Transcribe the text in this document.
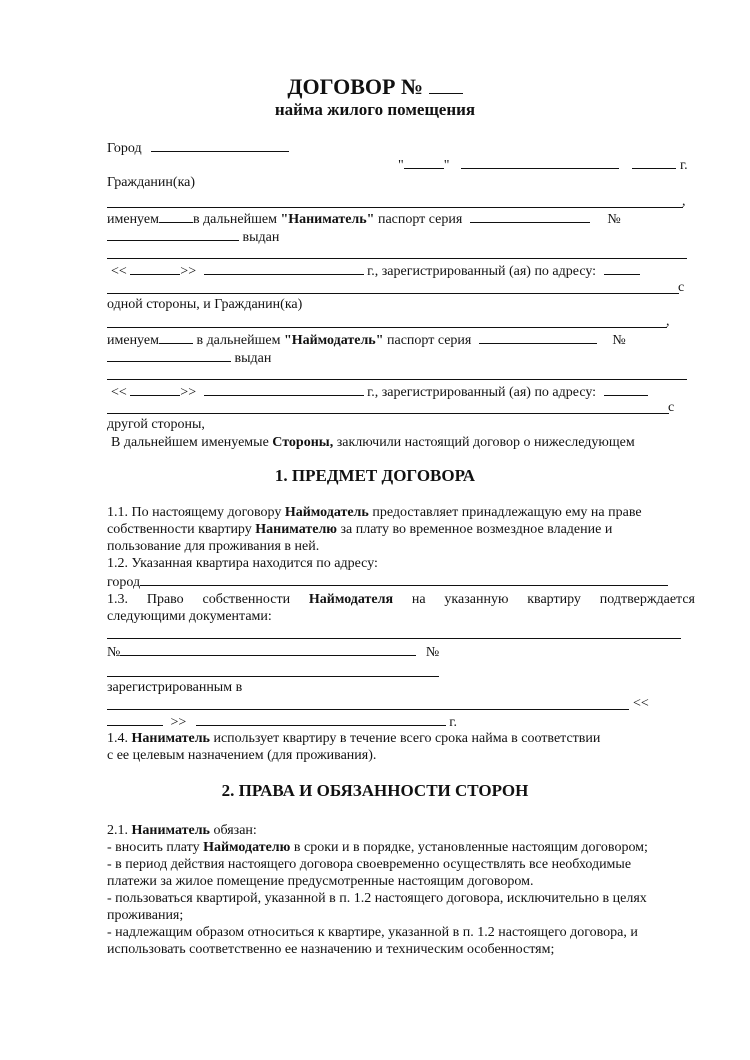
ДОГОВОР №
найма жилого помещения
Город
"	"	г.
Гражданин(ка)
,
именуем в дальнейшем "Наниматель" паспорт серия	№
выдан
<<	>>	г., зарегистрированный (ая) по адресу:
с
одной стороны, и Гражданин(ка)
,
именуем	в дальнейшем "Наймодатель" паспорт серия	№
выдан
<<	>>	г., зарегистрированный (ая) по адресу:
с
другой стороны,
В дальнейшем именуемые Стороны, заключили настоящий договор о нижеследующем
1. ПРЕДМЕТ ДОГОВОРА
1.1. По настоящему договору Наймодатель предоставляет принадлежащую ему на праве
собственности квартиру Нанимателю за плату во временное возмездное владение и
пользование для проживания в ней.
1.2. Указанная квартира находится по адресу:
город
1.3. Право собственности Наймодателя на указанную квартиру подтверждается
следующими документами:
№	№
зарегистрированным в
<<
>>	г.
1.4. Наниматель использует квартиру в течение всего срока найма в соответствии
с ее целевым назначением (для проживания).
2. ПРАВА И ОБЯЗАННОСТИ СТОРОН
2.1. Наниматель обязан:
- вносить плату Наймодателю в сроки и в порядке, установленные настоящим договором;
- в период действия настоящего договора своевременно осуществлять все необходимые
платежи за жилое помещение предусмотренные настоящим договором.
- пользоваться квартирой, указанной в п. 1.2 настоящего договора, исключительно в целях
проживания;
- надлежащим образом относиться к квартире, указанной в п. 1.2 настоящего договора, и
использовать соответственно ее назначению и техническим особенностям;
